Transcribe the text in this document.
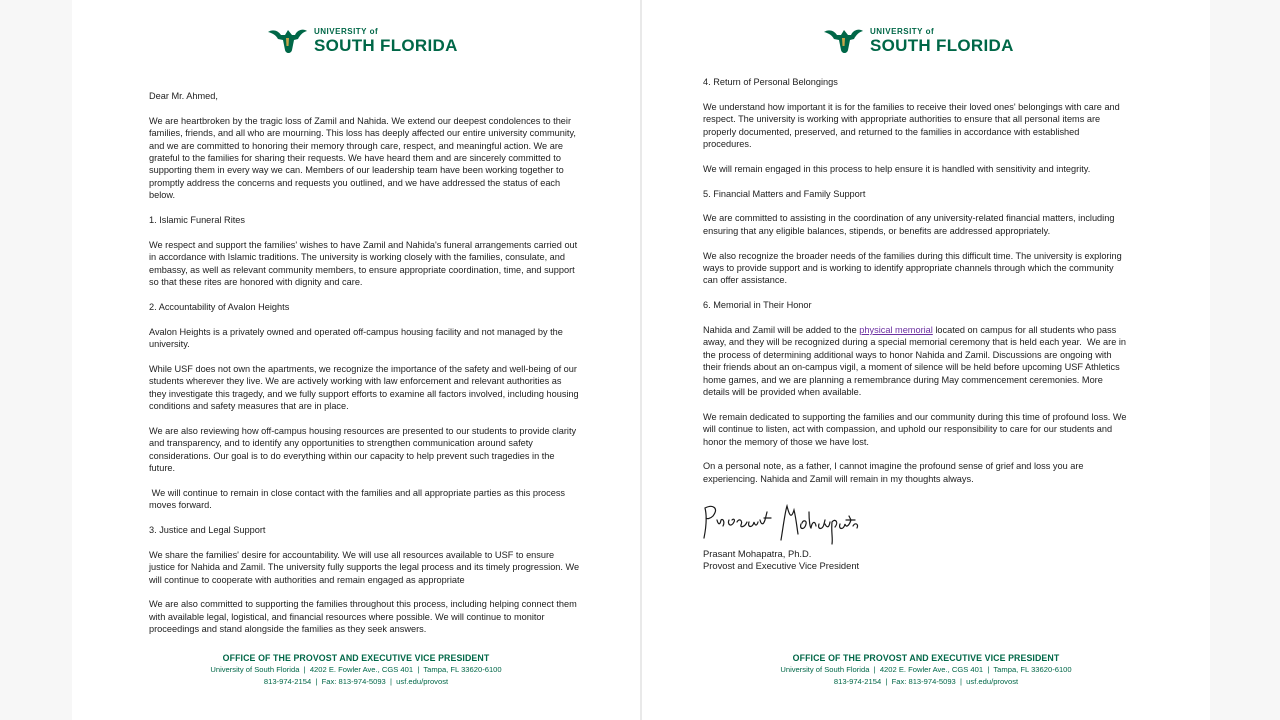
UNIVERSITY of
SOUTH FLORIDA

Dear Mr. Ahmed,

We are heartbroken by the tragic loss of Zamil and Nahida. We extend our deepest condolences to their families, friends, and all who are mourning. This loss has deeply affected our entire university community, and we are committed to honoring their memory through care, respect, and meaningful action. We are grateful to the families for sharing their requests. We have heard them and are sincerely committed to supporting them in every way we can. Members of our leadership team have been working together to promptly address the concerns and requests you outlined, and we have addressed the status of each below.

1. Islamic Funeral Rites

We respect and support the families' wishes to have Zamil and Nahida's funeral arrangements carried out in accordance with Islamic traditions. The university is working closely with the families, consulate, and embassy, as well as relevant community members, to ensure appropriate coordination, time, and support so that these rites are honored with dignity and care.

2. Accountability of Avalon Heights

Avalon Heights is a privately owned and operated off-campus housing facility and not managed by the university.

While USF does not own the apartments, we recognize the importance of the safety and well-being of our students wherever they live. We are actively working with law enforcement and relevant authorities as they investigate this tragedy, and we fully support efforts to examine all factors involved, including housing conditions and safety measures that are in place.

We are also reviewing how off-campus housing resources are presented to our students to provide clarity and transparency, and to identify any opportunities to strengthen communication around safety considerations. Our goal is to do everything within our capacity to help prevent such tragedies in the future.

We will continue to remain in close contact with the families and all appropriate parties as this process moves forward.

3. Justice and Legal Support

We share the families' desire for accountability. We will use all resources available to USF to ensure justice for Nahida and Zamil. The university fully supports the legal process and its timely progression. We will continue to cooperate with authorities and remain engaged as appropriate

We are also committed to supporting the families throughout this process, including helping connect them with available legal, logistical, and financial resources where possible. We will continue to monitor proceedings and stand alongside the families as they seek answers.

OFFICE OF THE PROVOST AND EXECUTIVE VICE PRESIDENT
University of South Florida  |  4202 E. Fowler Ave., CGS 401  |  Tampa, FL 33620-6100
813-974-2154  |  Fax: 813-974-5093  |  usf.edu/provost
UNIVERSITY of
SOUTH FLORIDA

4. Return of Personal Belongings

We understand how important it is for the families to receive their loved ones' belongings with care and respect. The university is working with appropriate authorities to ensure that all personal items are properly documented, preserved, and returned to the families in accordance with established procedures.

We will remain engaged in this process to help ensure it is handled with sensitivity and integrity.

5. Financial Matters and Family Support

We are committed to assisting in the coordination of any university-related financial matters, including ensuring that any eligible balances, stipends, or benefits are addressed appropriately.

We also recognize the broader needs of the families during this difficult time. The university is exploring ways to provide support and is working to identify appropriate channels through which the community can offer assistance.

6. Memorial in Their Honor

Nahida and Zamil will be added to the physical memorial located on campus for all students who pass away, and they will be recognized during a special memorial ceremony that is held each year.  We are in the process of determining additional ways to honor Nahida and Zamil. Discussions are ongoing with their friends about an on-campus vigil, a moment of silence will be held before upcoming USF Athletics home games, and we are planning a remembrance during May commencement ceremonies. More details will be provided when available.

We remain dedicated to supporting the families and our community during this time of profound loss. We will continue to listen, act with compassion, and uphold our responsibility to care for our students and honor the memory of those we have lost.

On a personal note, as a father, I cannot imagine the profound sense of grief and loss you are experiencing. Nahida and Zamil will remain in my thoughts always.

Prasant Mohapatra, Ph.D.
Provost and Executive Vice President
OFFICE OF THE PROVOST AND EXECUTIVE VICE PRESIDENT
University of South Florida  |  4202 E. Fowler Ave., CGS 401  |  Tampa, FL 33620-6100
813-974-2154  |  Fax: 813-974-5093  |  usf.edu/provost
